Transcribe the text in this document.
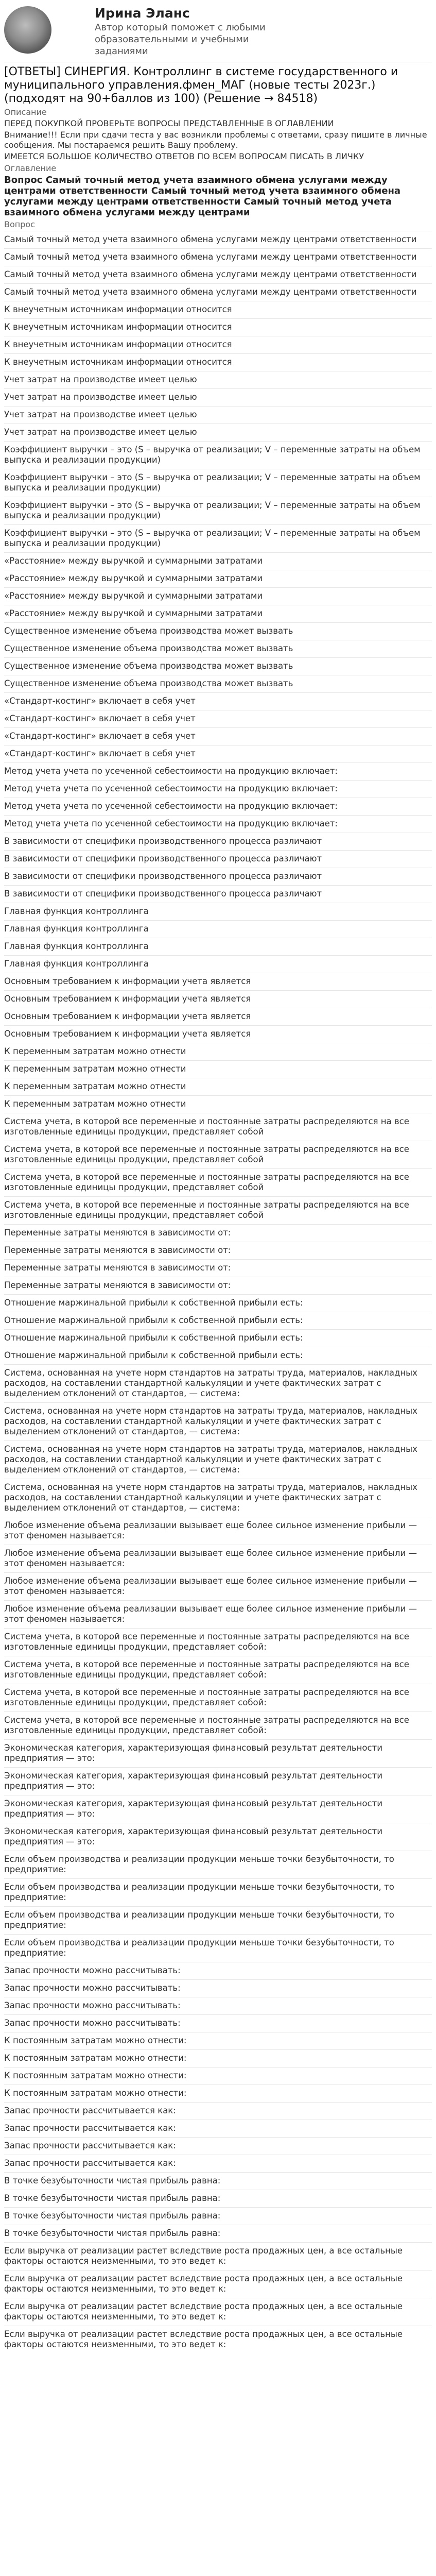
Ирина Эланс
Автор который поможет с любыми образовательными и учебными заданиями
[ОТВЕТЫ] СИНЕРГИЯ. Контроллинг в системе государственного и муниципального управления.фмен_МАГ (новые тесты 2023г.) (подходят на 90+баллов из 100) (Решение → 84518)
Описание

ПЕРЕД ПОКУПКОЙ ПРОВЕРЬТЕ ВОПРОСЫ ПРЕДСТАВЛЕННЫЕ В ОГЛАВЛЕНИИ

Внимание!!! Если при сдачи теста у вас возникли проблемы с ответами, сразу пишите в личные сообщения. Мы постараемся решить Вашу проблему.

ИМЕЕТСЯ БОЛЬШОЕ КОЛИЧЕСТВО ОТВЕТОВ ПО ВСЕМ ВОПРОСАМ ПИСАТЬ В ЛИЧКУ

Оглавление

Вопрос Самый точный метод учета взаимного обмена услугами между центрами ответственности Самый точный метод учета взаимного обмена услугами между центрами ответственности Самый точный метод учета взаимного обмена услугами между центрами

Вопрос
Самый точный метод учета взаимного обмена услугами между центрами ответственности
Самый точный метод учета взаимного обмена услугами между центрами ответственности
Самый точный метод учета взаимного обмена услугами между центрами ответственности
Самый точный метод учета взаимного обмена услугами между центрами ответственности
К внеучетным источникам информации относится
К внеучетным источникам информации относится
К внеучетным источникам информации относится
К внеучетным источникам информации относится
Учет затрат на производстве имеет целью
Учет затрат на производстве имеет целью
Учет затрат на производстве имеет целью
Учет затрат на производстве имеет целью
Коэффициент выручки – это (S – выручка от реализации; V – переменные затраты на объем выпуска и реализации продукции)
Коэффициент выручки – это (S – выручка от реализации; V – переменные затраты на объем выпуска и реализации продукции)
Коэффициент выручки – это (S – выручка от реализации; V – переменные затраты на объем выпуска и реализации продукции)
Коэффициент выручки – это (S – выручка от реализации; V – переменные затраты на объем выпуска и реализации продукции)
«Расстояние» между выручкой и суммарными затратами
«Расстояние» между выручкой и суммарными затратами
«Расстояние» между выручкой и суммарными затратами
«Расстояние» между выручкой и суммарными затратами
Существенное изменение объема производства может вызвать
Существенное изменение объема производства может вызвать
Существенное изменение объема производства может вызвать
Существенное изменение объема производства может вызвать
«Стандарт-костинг» включает в себя учет
«Стандарт-костинг» включает в себя учет
«Стандарт-костинг» включает в себя учет
«Стандарт-костинг» включает в себя учет
Метод учета учета по усеченной себестоимости на продукцию включает:
Метод учета учета по усеченной себестоимости на продукцию включает:
Метод учета учета по усеченной себестоимости на продукцию включает:
Метод учета учета по усеченной себестоимости на продукцию включает:
В зависимости от специфики производственного процесса различают
В зависимости от специфики производственного процесса различают
В зависимости от специфики производственного процесса различают
В зависимости от специфики производственного процесса различают
Главная функция контроллинга
Главная функция контроллинга
Главная функция контроллинга
Главная функция контроллинга
Основным требованием к информации учета является
Основным требованием к информации учета является
Основным требованием к информации учета является
Основным требованием к информации учета является
К переменным затратам можно отнести
К переменным затратам можно отнести
К переменным затратам можно отнести
К переменным затратам можно отнести
Система учета, в которой все переменные и постоянные затраты распределяются на все изготовленные единицы продукции, представляет собой
Система учета, в которой все переменные и постоянные затраты распределяются на все изготовленные единицы продукции, представляет собой
Система учета, в которой все переменные и постоянные затраты распределяются на все изготовленные единицы продукции, представляет собой
Система учета, в которой все переменные и постоянные затраты распределяются на все изготовленные единицы продукции, представляет собой
Переменные затраты меняются в зависимости от:
Переменные затраты меняются в зависимости от:
Переменные затраты меняются в зависимости от:
Переменные затраты меняются в зависимости от:
Отношение маржинальной прибыли к собственной прибыли есть:
Отношение маржинальной прибыли к собственной прибыли есть:
Отношение маржинальной прибыли к собственной прибыли есть:
Отношение маржинальной прибыли к собственной прибыли есть:
Система, основанная на учете норм стандартов на затраты труда, материалов, накладных расходов, на составлении стандартной калькуляции и учете фактических затрат с выделением отклонений от стандартов, — система:
Система, основанная на учете норм стандартов на затраты труда, материалов, накладных расходов, на составлении стандартной калькуляции и учете фактических затрат с выделением отклонений от стандартов, — система:
Система, основанная на учете норм стандартов на затраты труда, материалов, накладных расходов, на составлении стандартной калькуляции и учете фактических затрат с выделением отклонений от стандартов, — система:
Система, основанная на учете норм стандартов на затраты труда, материалов, накладных расходов, на составлении стандартной калькуляции и учете фактических затрат с выделением отклонений от стандартов, — система:
Любое изменение объема реализации вызывает еще более сильное изменение прибыли — этот феномен называется:
Любое изменение объема реализации вызывает еще более сильное изменение прибыли — этот феномен называется:
Любое изменение объема реализации вызывает еще более сильное изменение прибыли — этот феномен называется:
Любое изменение объема реализации вызывает еще более сильное изменение прибыли — этот феномен называется:
Система учета, в которой все переменные и постоянные затраты распределяются на все изготовленные единицы продукции, представляет собой:
Система учета, в которой все переменные и постоянные затраты распределяются на все изготовленные единицы продукции, представляет собой:
Система учета, в которой все переменные и постоянные затраты распределяются на все изготовленные единицы продукции, представляет собой:
Система учета, в которой все переменные и постоянные затраты распределяются на все изготовленные единицы продукции, представляет собой:
Экономическая категория, характеризующая финансовый результат деятельности предприятия — это:
Экономическая категория, характеризующая финансовый результат деятельности предприятия — это:
Экономическая категория, характеризующая финансовый результат деятельности предприятия — это:
Экономическая категория, характеризующая финансовый результат деятельности предприятия — это:
Если объем производства и реализации продукции меньше точки безубыточности, то предприятие:
Если объем производства и реализации продукции меньше точки безубыточности, то предприятие:
Если объем производства и реализации продукции меньше точки безубыточности, то предприятие:
Если объем производства и реализации продукции меньше точки безубыточности, то предприятие:
Запас прочности можно рассчитывать:
Запас прочности можно рассчитывать:
Запас прочности можно рассчитывать:
Запас прочности можно рассчитывать:
К постоянным затратам можно отнести:
К постоянным затратам можно отнести:
К постоянным затратам можно отнести:
К постоянным затратам можно отнести:
Запас прочности рассчитывается как:
Запас прочности рассчитывается как:
Запас прочности рассчитывается как:
Запас прочности рассчитывается как:
В точке безубыточности чистая прибыль равна:
В точке безубыточности чистая прибыль равна:
В точке безубыточности чистая прибыль равна:
В точке безубыточности чистая прибыль равна:
Если выручка от реализации растет вследствие роста продажных цен, а все остальные факторы остаются неизменными, то это ведет к:
Если выручка от реализации растет вследствие роста продажных цен, а все остальные факторы остаются неизменными, то это ведет к:
Если выручка от реализации растет вследствие роста продажных цен, а все остальные факторы остаются неизменными, то это ведет к:
Если выручка от реализации растет вследствие роста продажных цен, а все остальные факторы остаются неизменными, то это ведет к:
